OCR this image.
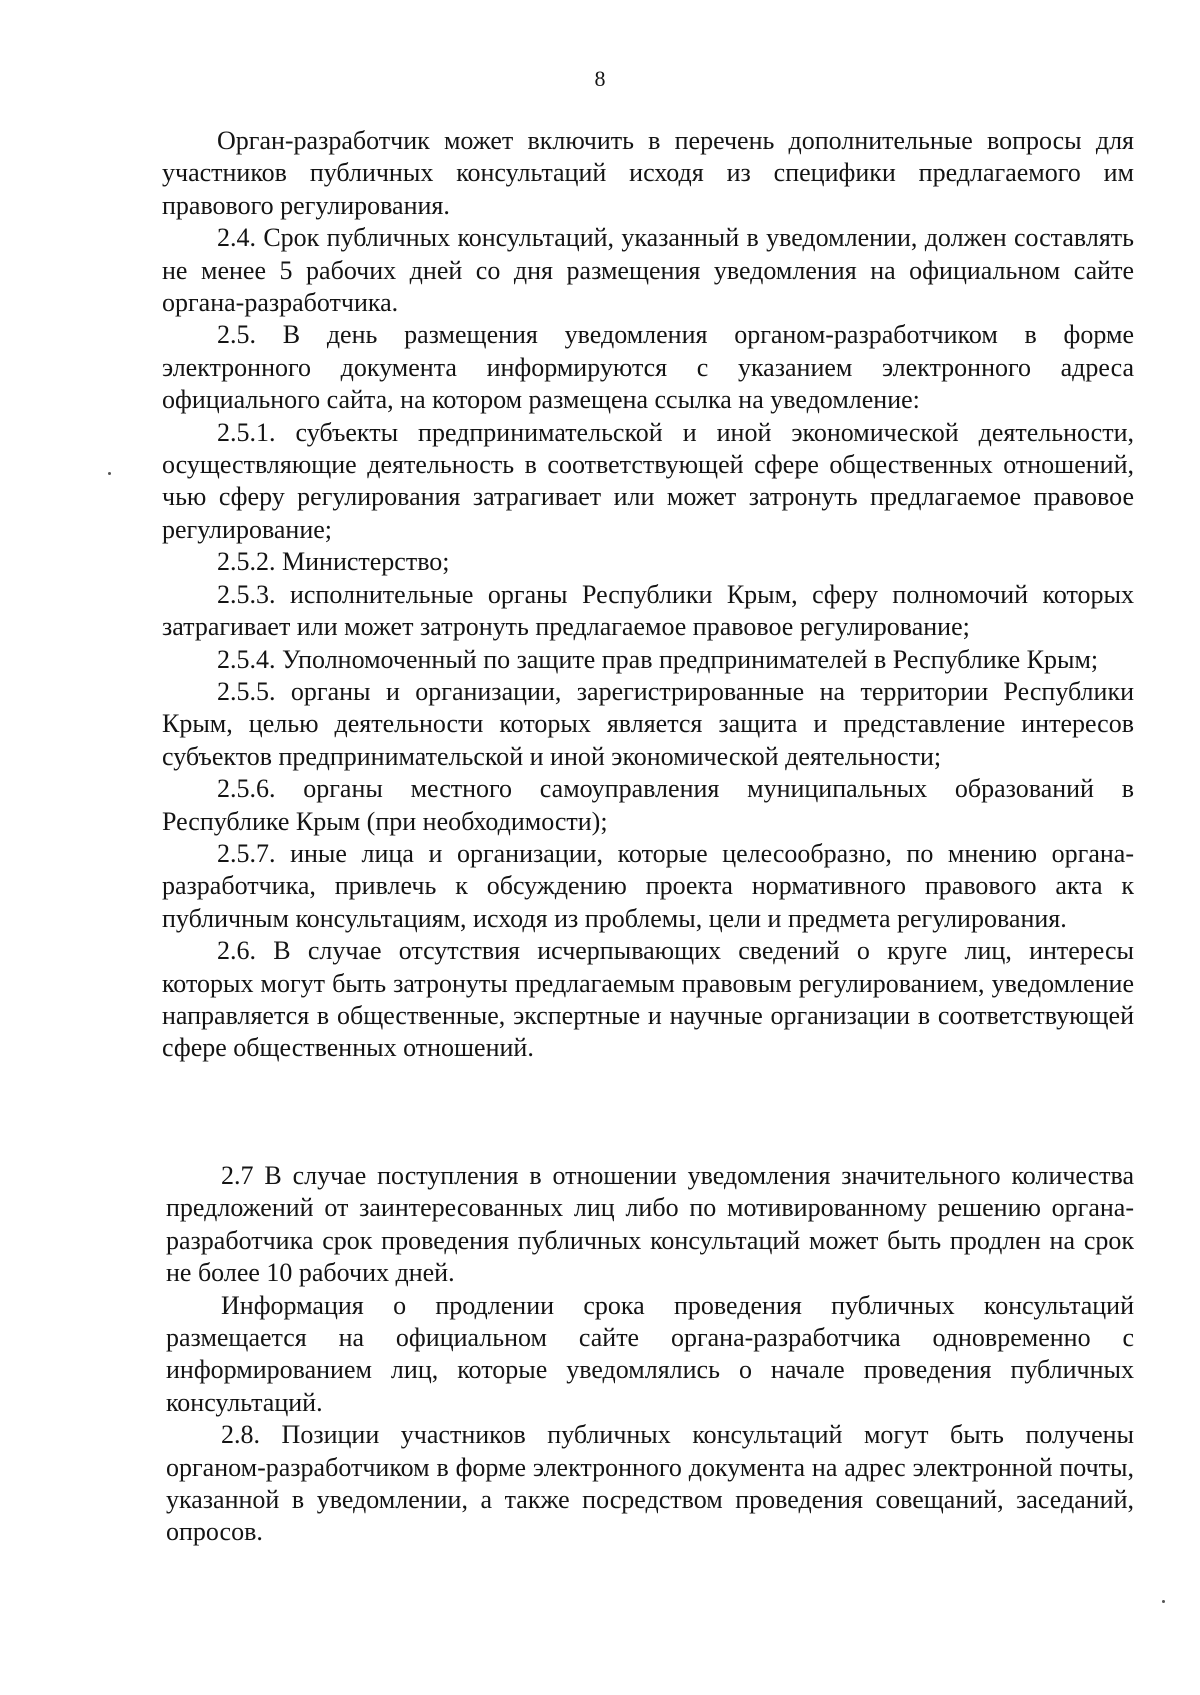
8

Орган-разработчик может включить в перечень дополнительные вопросы для участников публичных консультаций исходя из специфики предлагаемого им правового регулирования.

2.4. Срок публичных консультаций, указанный в уведомлении, должен составлять не менее 5 рабочих дней со дня размещения уведомления на официальном сайте органа-разработчика.

2.5. В день размещения уведомления органом-разработчиком в форме электронного документа информируются с указанием электронного адреса официального сайта, на котором размещена ссылка на уведомление:

2.5.1. субъекты предпринимательской и иной экономической деятельности, осуществляющие деятельность в соответствующей сфере общественных отношений, чью сферу регулирования затрагивает или может затронуть предлагаемое правовое регулирование;

2.5.2. Министерство;

2.5.3. исполнительные органы Республики Крым, сферу полномочий которых затрагивает или может затронуть предлагаемое правовое регулирование;

2.5.4. Уполномоченный по защите прав предпринимателей в Республике Крым;

2.5.5. органы и организации, зарегистрированные на территории Республики Крым, целью деятельности которых является защита и представление интересов субъектов предпринимательской и иной экономической деятельности;

2.5.6. органы местного самоуправления муниципальных образований в Республике Крым (при необходимости);

2.5.7. иные лица и организации, которые целесообразно, по мнению органа-разработчика, привлечь к обсуждению проекта нормативного правового акта к публичным консультациям, исходя из проблемы, цели и предмета регулирования.

2.6. В случае отсутствия исчерпывающих сведений о круге лиц, интересы которых могут быть затронуты предлагаемым правовым регулированием, уведомление направляется в общественные, экспертные и научные организации в соответствующей сфере общественных отношений.

2.7 В случае поступления в отношении уведомления значительного количества предложений от заинтересованных лиц либо по мотивированному решению органа-разработчика срок проведения публичных консультаций может быть продлен на срок не более 10 рабочих дней.

Информация о продлении срока проведения публичных консультаций размещается на официальном сайте органа-разработчика одновременно с информированием лиц, которые уведомлялись о начале проведения публичных консультаций.

2.8. Позиции участников публичных консультаций могут быть получены органом-разработчиком в форме электронного документа на адрес электронной почты, указанной в уведомлении, а также посредством проведения совещаний, заседаний, опросов.
